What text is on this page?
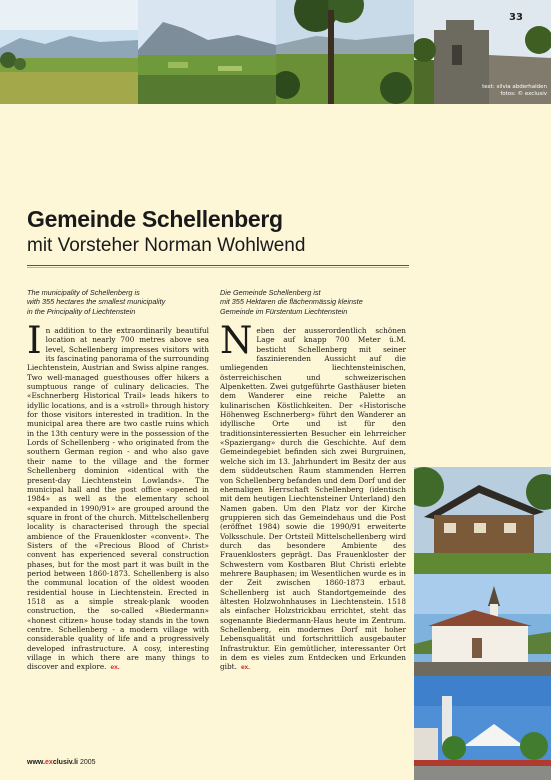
33
text: silvia abderhalden
fotos: © exclusiv
Gemeinde Schellenberg
mit Vorsteher Norman Wohlwend
The municipality of Schellenberg is
with 355 hectares the smallest municipality
in the Principality of Liechtenstein
Die Gemeinde Schellenberg ist
mit 355 Hektaren die flächenmässig kleinste
Gemeinde im Fürstentum Liechtenstein

In addition to the extraordinarily beautiful location at nearly 700 metres above sea level, Schellenberg impresses visitors with its fascinating panorama of the surrounding Liechtenstein, Austrian and Swiss alpine ranges. Two well-managed guesthouses offer hikers a sumptuous range of culinary delicacies. The «Eschnerberg Historical Trail» leads hikers to idyllic locations, and is a «stroll» through history for those visitors interested in tradition. In the municipal area there are two castle ruins which in the 13th century were in the possession of the Lords of Schellenberg - who originated from the southern German region - and who also gave their name to the village and the former Schellenberg dominion «identical with the present-day Liechtenstein Lowlands». The municipal hall and the post office «opened in 1984» as well as the elementary school «expanded in 1990/91» are grouped around the square in front of the church. Mittelschellenberg locality is characterised through the special ambience of the Frauenkloster «convent». The Sisters of the «Precious Blood of Christ» convent has experienced several construction phases, but for the most part it was built in the period between 1860-1873. Schellenberg is also the communal location of the oldest wooden residential house in Liechtenstein. Erected in 1518 as a simple streak-plank wooden construction, the so-called «Biedermann» «honest citizen» house today stands in the town centre. Schellenberg - a modern village with considerable quality of life and a progressively developed infrastructure. A cosy, interesting village in which there are many things to discover and explore. ex.

Neben der ausserordentlich schönen Lage auf knapp 700 Meter ü.M. besticht Schellenberg mit seiner faszinierenden Aussicht auf die umliegenden liechtensteinischen, österreichischen und schweizerischen Alpenketten. Zwei gutgeführte Gasthäuser bieten dem Wanderer eine reiche Palette an kulinarischen Köstlichkeiten. Der «Historische Höhenweg Eschnerberg» führt den Wanderer an idyllische Orte und ist für den traditionsinteressierten Besucher ein lehrreicher «Spaziergang» durch die Geschichte. Auf dem Gemeindegebiet befinden sich zwei Burgruinen, welche sich im 13. Jahrhundert im Besitz der aus dem süddeutschen Raum stammenden Herren von Schellenberg befanden und dem Dorf und der ehemaligen Herrschaft Schellenberg (identisch mit dem heutigen Liechtensteiner Unterland) den Namen gaben. Um den Platz vor der Kirche gruppieren sich das Gemeindehaus und die Post (eröffnet 1984) sowie die 1990/91 erweiterte Volksschule. Der Ortsteil Mittelschellenberg wird durch das besondere Ambiente des Frauenklosters geprägt. Das Frauenkloster der Schwestern vom Kostbaren Blut Christi erlebte mehrere Bauphasen; im Wesentlichen wurde es in der Zeit zwischen 1860-1873 erbaut. Schellenberg ist auch Standortgemeinde des ältesten Holzwohnhauses in Liechtenstein. 1518 als einfacher Holzstrickbau errichtet, steht das sogenannte Biedermann-Haus heute im Zentrum. Schellenberg, ein modernes Dorf mit hoher Lebensqualität und fortschrittlich ausgebauter Infrastruktur. Ein gemütlicher, interessanter Ort in dem es vieles zum Entdecken und Erkunden gibt. ex.

www.exclusiv.li 2005
